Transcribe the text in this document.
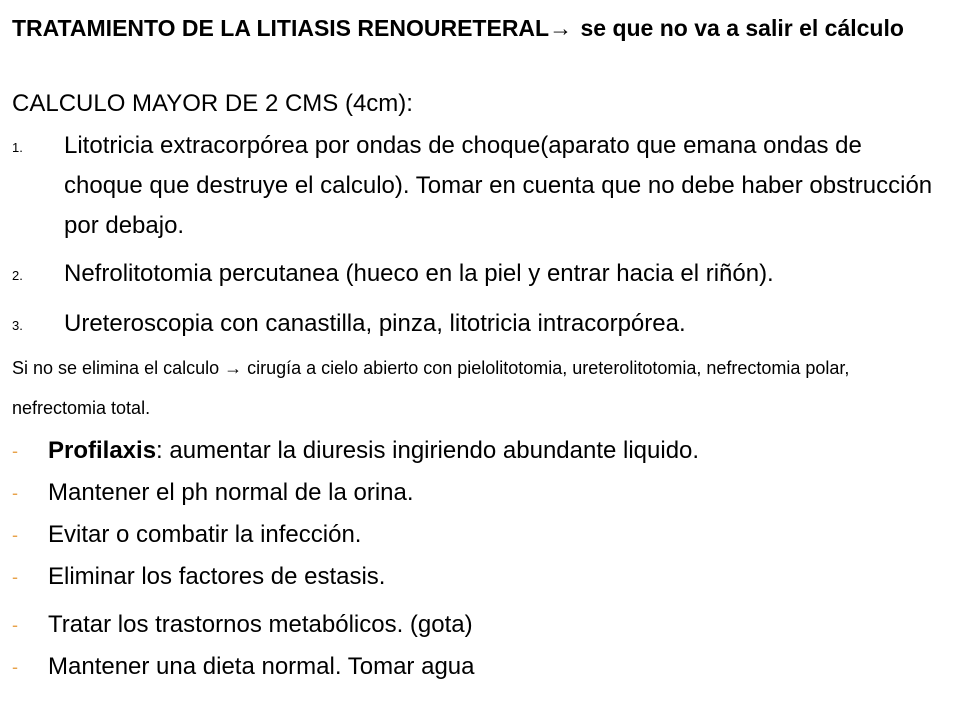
TRATAMIENTO DE LA LITIASIS RENOURETERAL→ se que no va a salir el cálculo
CALCULO MAYOR DE 2 CMS (4cm):
1.	Litotricia extracorpórea por ondas de choque(aparato que emana ondas de choque que destruye el calculo). Tomar en cuenta que no debe haber obstrucción por debajo.
2.	Nefrolitotomia percutanea (hueco en la piel y entrar hacia el riñón).
3.	Ureteroscopia con canastilla, pinza, litotricia intracorpórea.
Si no se elimina el calculo → cirugía a cielo abierto con pielolitotomia, ureterolitotomia, nefrectomia polar, nefrectomia total.
-	Profilaxis: aumentar la diuresis ingiriendo abundante liquido.
-	Mantener el ph normal de la orina.
-	Evitar o combatir la infección.
-	Eliminar los factores de estasis.
-	Tratar los trastornos metabólicos. (gota)
-	Mantener una dieta normal. Tomar agua
